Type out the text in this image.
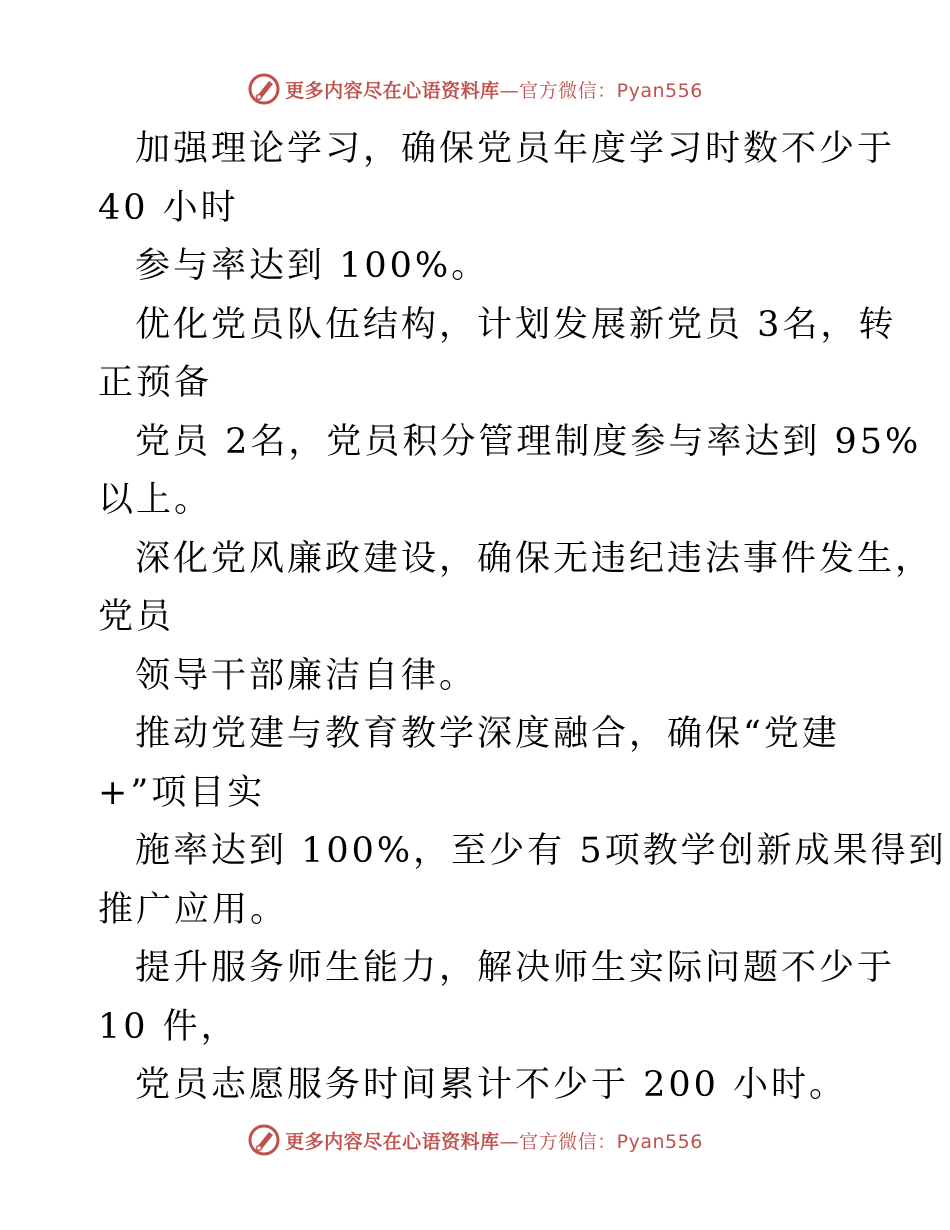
更多内容尽在心语资料库—官方微信：Pyan556
加强理论学习，确保党员年度学习时数不少于
40 小时
参与率达到 100%。
优化党员队伍结构，计划发展新党员 3名，转
正预备
党员 2名，党员积分管理制度参与率达到 95%
以上。
深化党风廉政建设，确保无违纪违法事件发生，
党员
领导干部廉洁自律。
推动党建与教育教学深度融合，确保“党建
+”项目实
施率达到 100%，至少有 5项教学创新成果得到
推广应用。
提升服务师生能力，解决师生实际问题不少于
10 件，
党员志愿服务时间累计不少于 200 小时。
更多内容尽在心语资料库—官方微信：Pyan556
